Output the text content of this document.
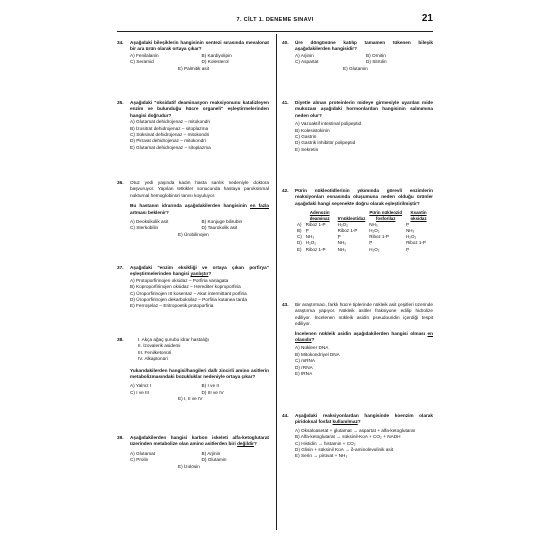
7. CİLT 1. DENEME SINAVI	21
34.	Aşağıdaki bileşiklerin hangisinin sentezi sırasında mevalonat bir ara ürün olarak ortaya çıkar?
A) Fenilalanin	B) Kardiyolipin
C) Seramid	D) Kolesterol
E) Palmitik asit
35.	Aşağıdaki "oksidatif deaminasyon reaksiyonunu katalizleyen enzim ve bulunduğu hücre organeli" eşleştirmelerinden hangisi doğrudur?
A) Glutamat dehidrojenaz – mitokondri
B) İzositrat dehidrojenaz – sitoplazma
C) Süksinat dehidrojenaz – mitokondri
D) Pirüvat dehidrojenaz – mitokondri
E) Glutamat dehidrojenaz – sitoplazma
36.	Otuz yedi yaşında kadın hasta sarılık nedeniyle doktora başvuruyor. Yapılan tetkikler sonucunda hastaya paroksismal nokturnal hemoglobinüri tanısı koyuluyor.
Bu hastanın idrarında aşağıdakilerden hangisinin en fazla artması beklenir?
A) Deoksikolik asit	B) Konjuge bilirubin
C) Sterkobilin	D) Taurokolik asit
E) Ürobilinojen
37.	Aşağıdaki "enzim eksikliği ve ortaya çıkan porfirya" eşleştirmelerinden hangisi yanlıştır?
A) Protoporfirinojen oksidaz – Porfiria variagata
B) Koproporfirinojen oksidaz – Herediter koproporfiria
C) Üroporfirinojen III kosentaz – Akut intermittant porfiria
D) Üroporfirinojen dekarboksilaz – Porfiria kutanea tarda
E) Ferroşelaz – Eritropoetik protoporfiria
38.	I. Akça ağaç şurubu idrar hastalığı
II. İzovalerik asidemi
III. Fenilketonüri
IV. Alkaptonüri
Yukarıdakilerden hangisi/hangileri dallı zincirli amino asitlerin metabolizmasındaki bozukluklar nedeniyle ortaya çıkar?
A) Yalnız I	B) I ve II
C) I ve III	D) III ve IV
E) I, II ve IV
39.	Aşağıdakilerden hangisi karbon iskeleti alfa-ketoglutarat üzerinden metabolize olan amino asitlerden biri değildir?
A) Glutamat	B) Arjinin
C) Prolin	D) Glutamin
E) İzolösin
40.	Üre döngüsüne katılıp tamamen tükenen bileşik aşağıdakilerden hangisidir?
A) Arjinin	B) Ornitin
C) Aspartat	D) Sitrülin
E) Glutamin
41.	Diyetle alınan proteinlerin mideye girmesiyle uyarılan mide mukozası aşağıdaki hormonlardan hangisinin salınımına neden olur?
A) Vazoaktif intestinal polipeptid
B) Kolesistokinin
C) Gastrin
D) Gastrik inhibitör polipeptid
E) Sekretin
42.	Pürin nükleotidlerinin yıkımında görevli enzimlerin reaksiyonları esnasında oluşumuna neden olduğu ürünler aşağıdaki hangi seçenekte doğru olarak eşleştirilmiştir?
	Adenozin deaminaz	5'nükleotidaz	Pürin nükleozid fosforilaz	Ksantin oksidaz
A)	Riboz 1-P	H₂O₂	NH₃	P᷊
B)	P᷊	Riboz 1-P	H₂O₂	NH₃
C)	NH₃	P᷊	Riboz 1-P	H₂O₂
D)	H₂O₂	NH₃	P᷊	Riboz 1-P
E)	Riboz 1-P	NH₃	H₂O₂	P᷊
43.	Bir araştırmacı, farklı hücre tiplerinde nükleik asit çeşitleri üzerinde araştırma yapıyor. Nükleik asitler fraksiyone edilip hidrolize ediliyor. İncelenen nükleik asidin pseudouridin içerdiği tespit ediliyor.
İncelenen nükleik asidin aşağıdakilerden hangisi olması en olasıdır?
A) Nükleer DNA
B) Mitokondriyel DNA
C) mRNA
D) rRNA
E) tRNA
44.	Aşağıdaki reaksiyonlardan hangisinde koenzim olarak piridoksal fosfat kullanılmaz?
A) Oksaloasetat + glutamat → aspartat + alfa-ketoglutarat
B) Alfa-ketoglutarat → süksinil-KoA + CO₂ + NADH
C) Histidin → histamin + CO₂
D) Glisin + süksinil KoA → δ-aminolevulinik asit
E) Serin → pirüvat + NH₃
